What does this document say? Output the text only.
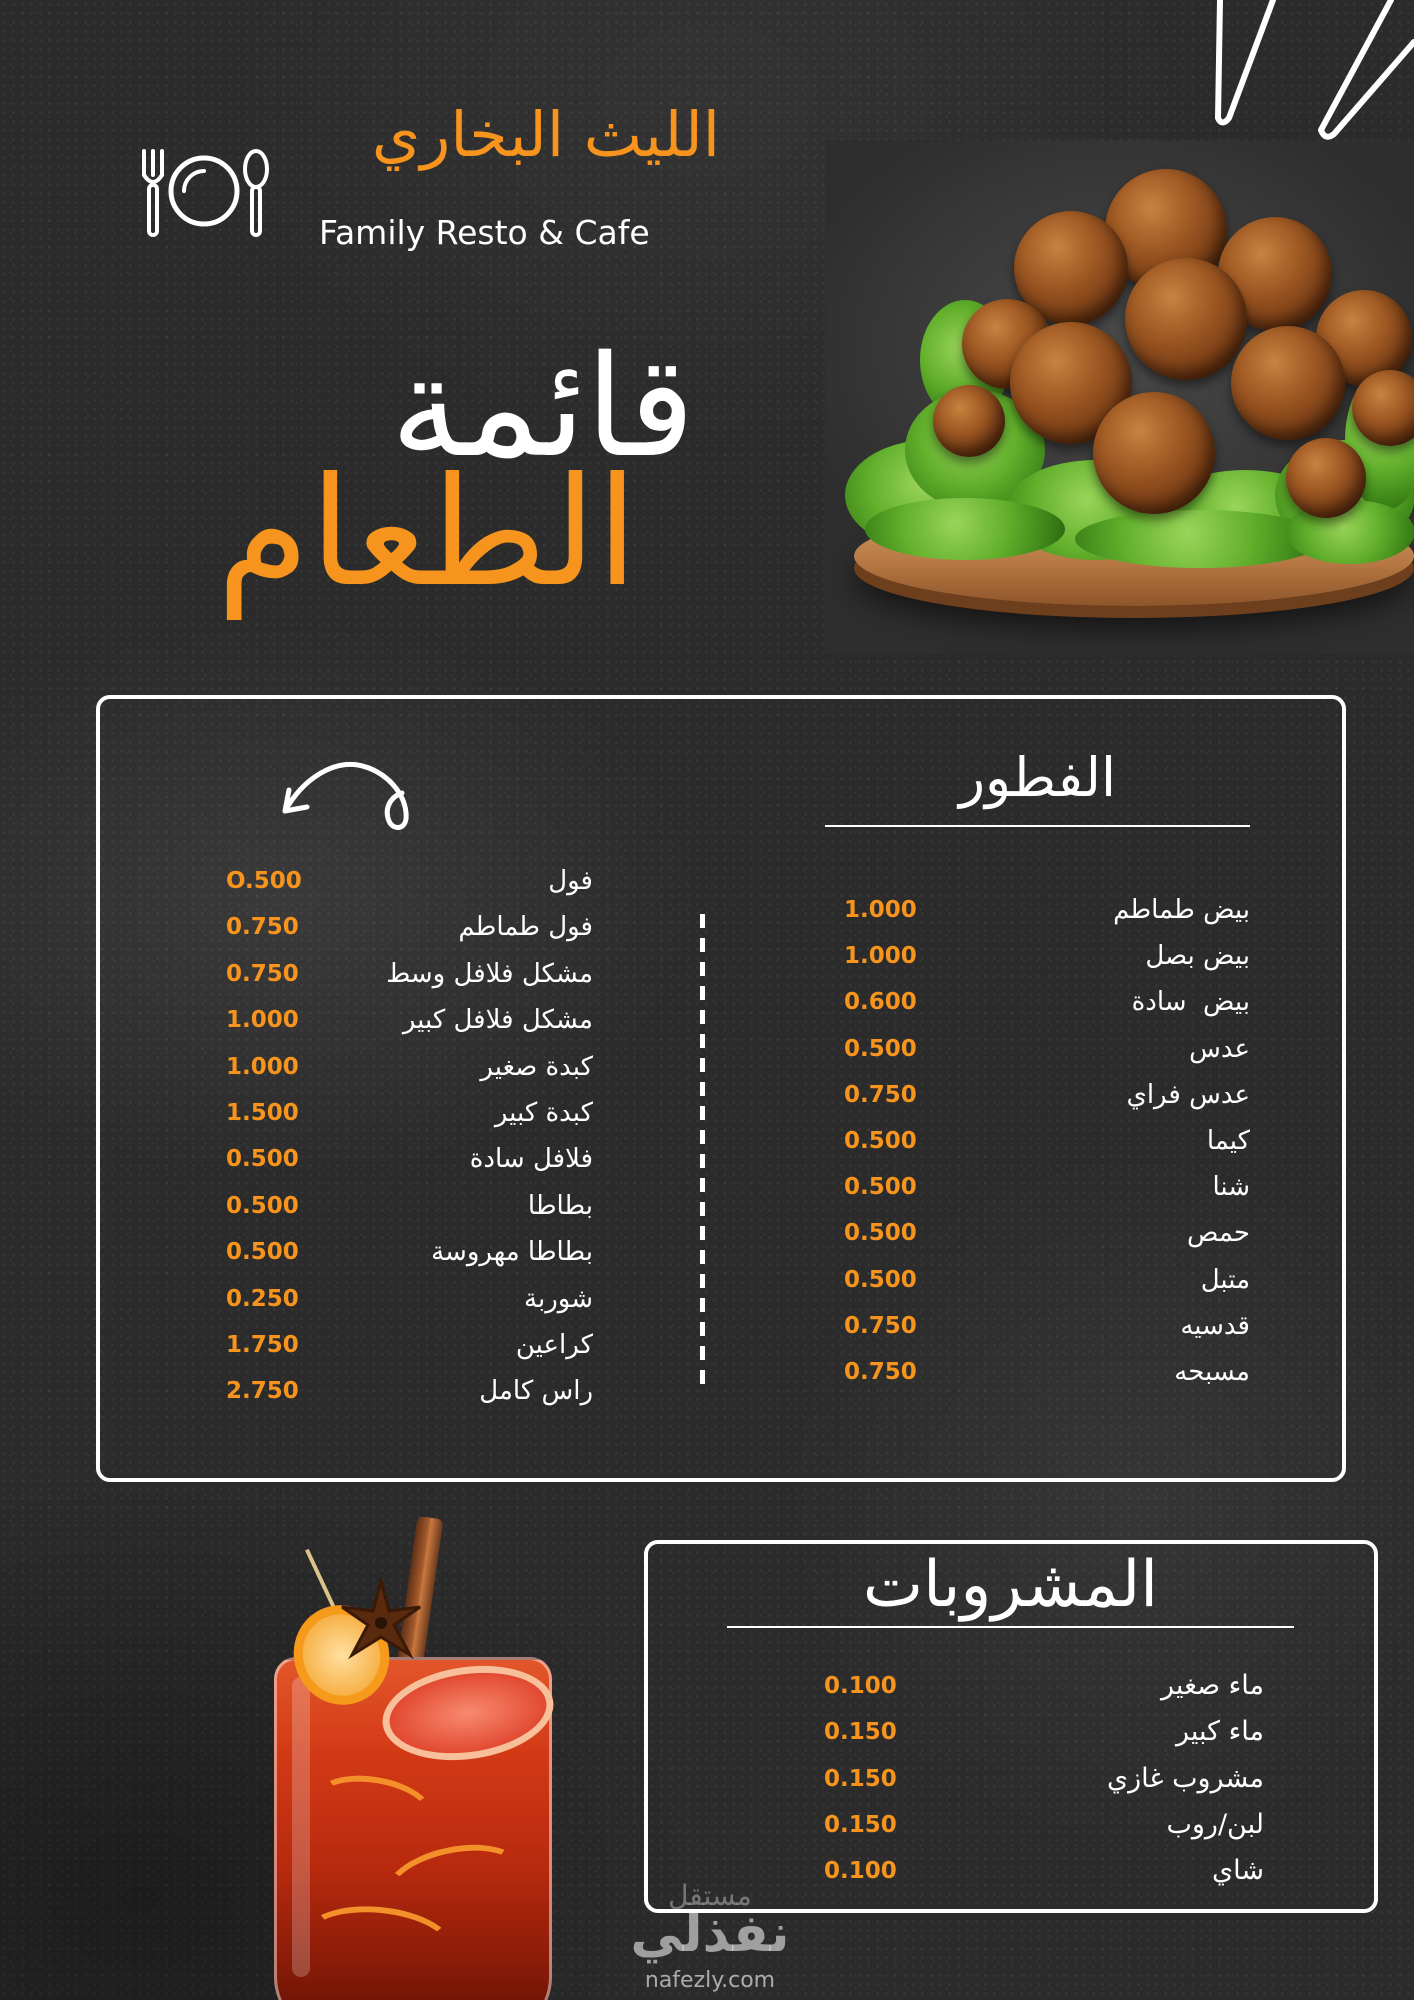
الليث البخاري
Family Resto & Cafe
قائمة
الطعام
الفطور
1.000	بيض طماطم
1.000	بيض بصل
0.600	بيض  سادة
0.500	عدس
0.750	عدس فراي
0.500	كيما
0.500	شنا
0.500	حمص
0.500	متبل
0.750	قدسيه
0.750	مسبحه
O.500	فول
0.750	فول طماطم
0.750	مشكل فلافل وسط
1.000	مشكل فلافل كبير
1.000	كبدة صغير
1.500	كبدة كبير
0.500	فلافل سادة
0.500	بطاطا
0.500	بطاطا مهروسة
0.250	شوربة
1.750	كراعين
2.750	راس كامل
المشروبات
0.100	ماء صغير
0.150	ماء كبير
0.150	مشروب غازي
0.150	لبن/روب
0.100	شاي
مستقل
نفذلي
nafezly.com
